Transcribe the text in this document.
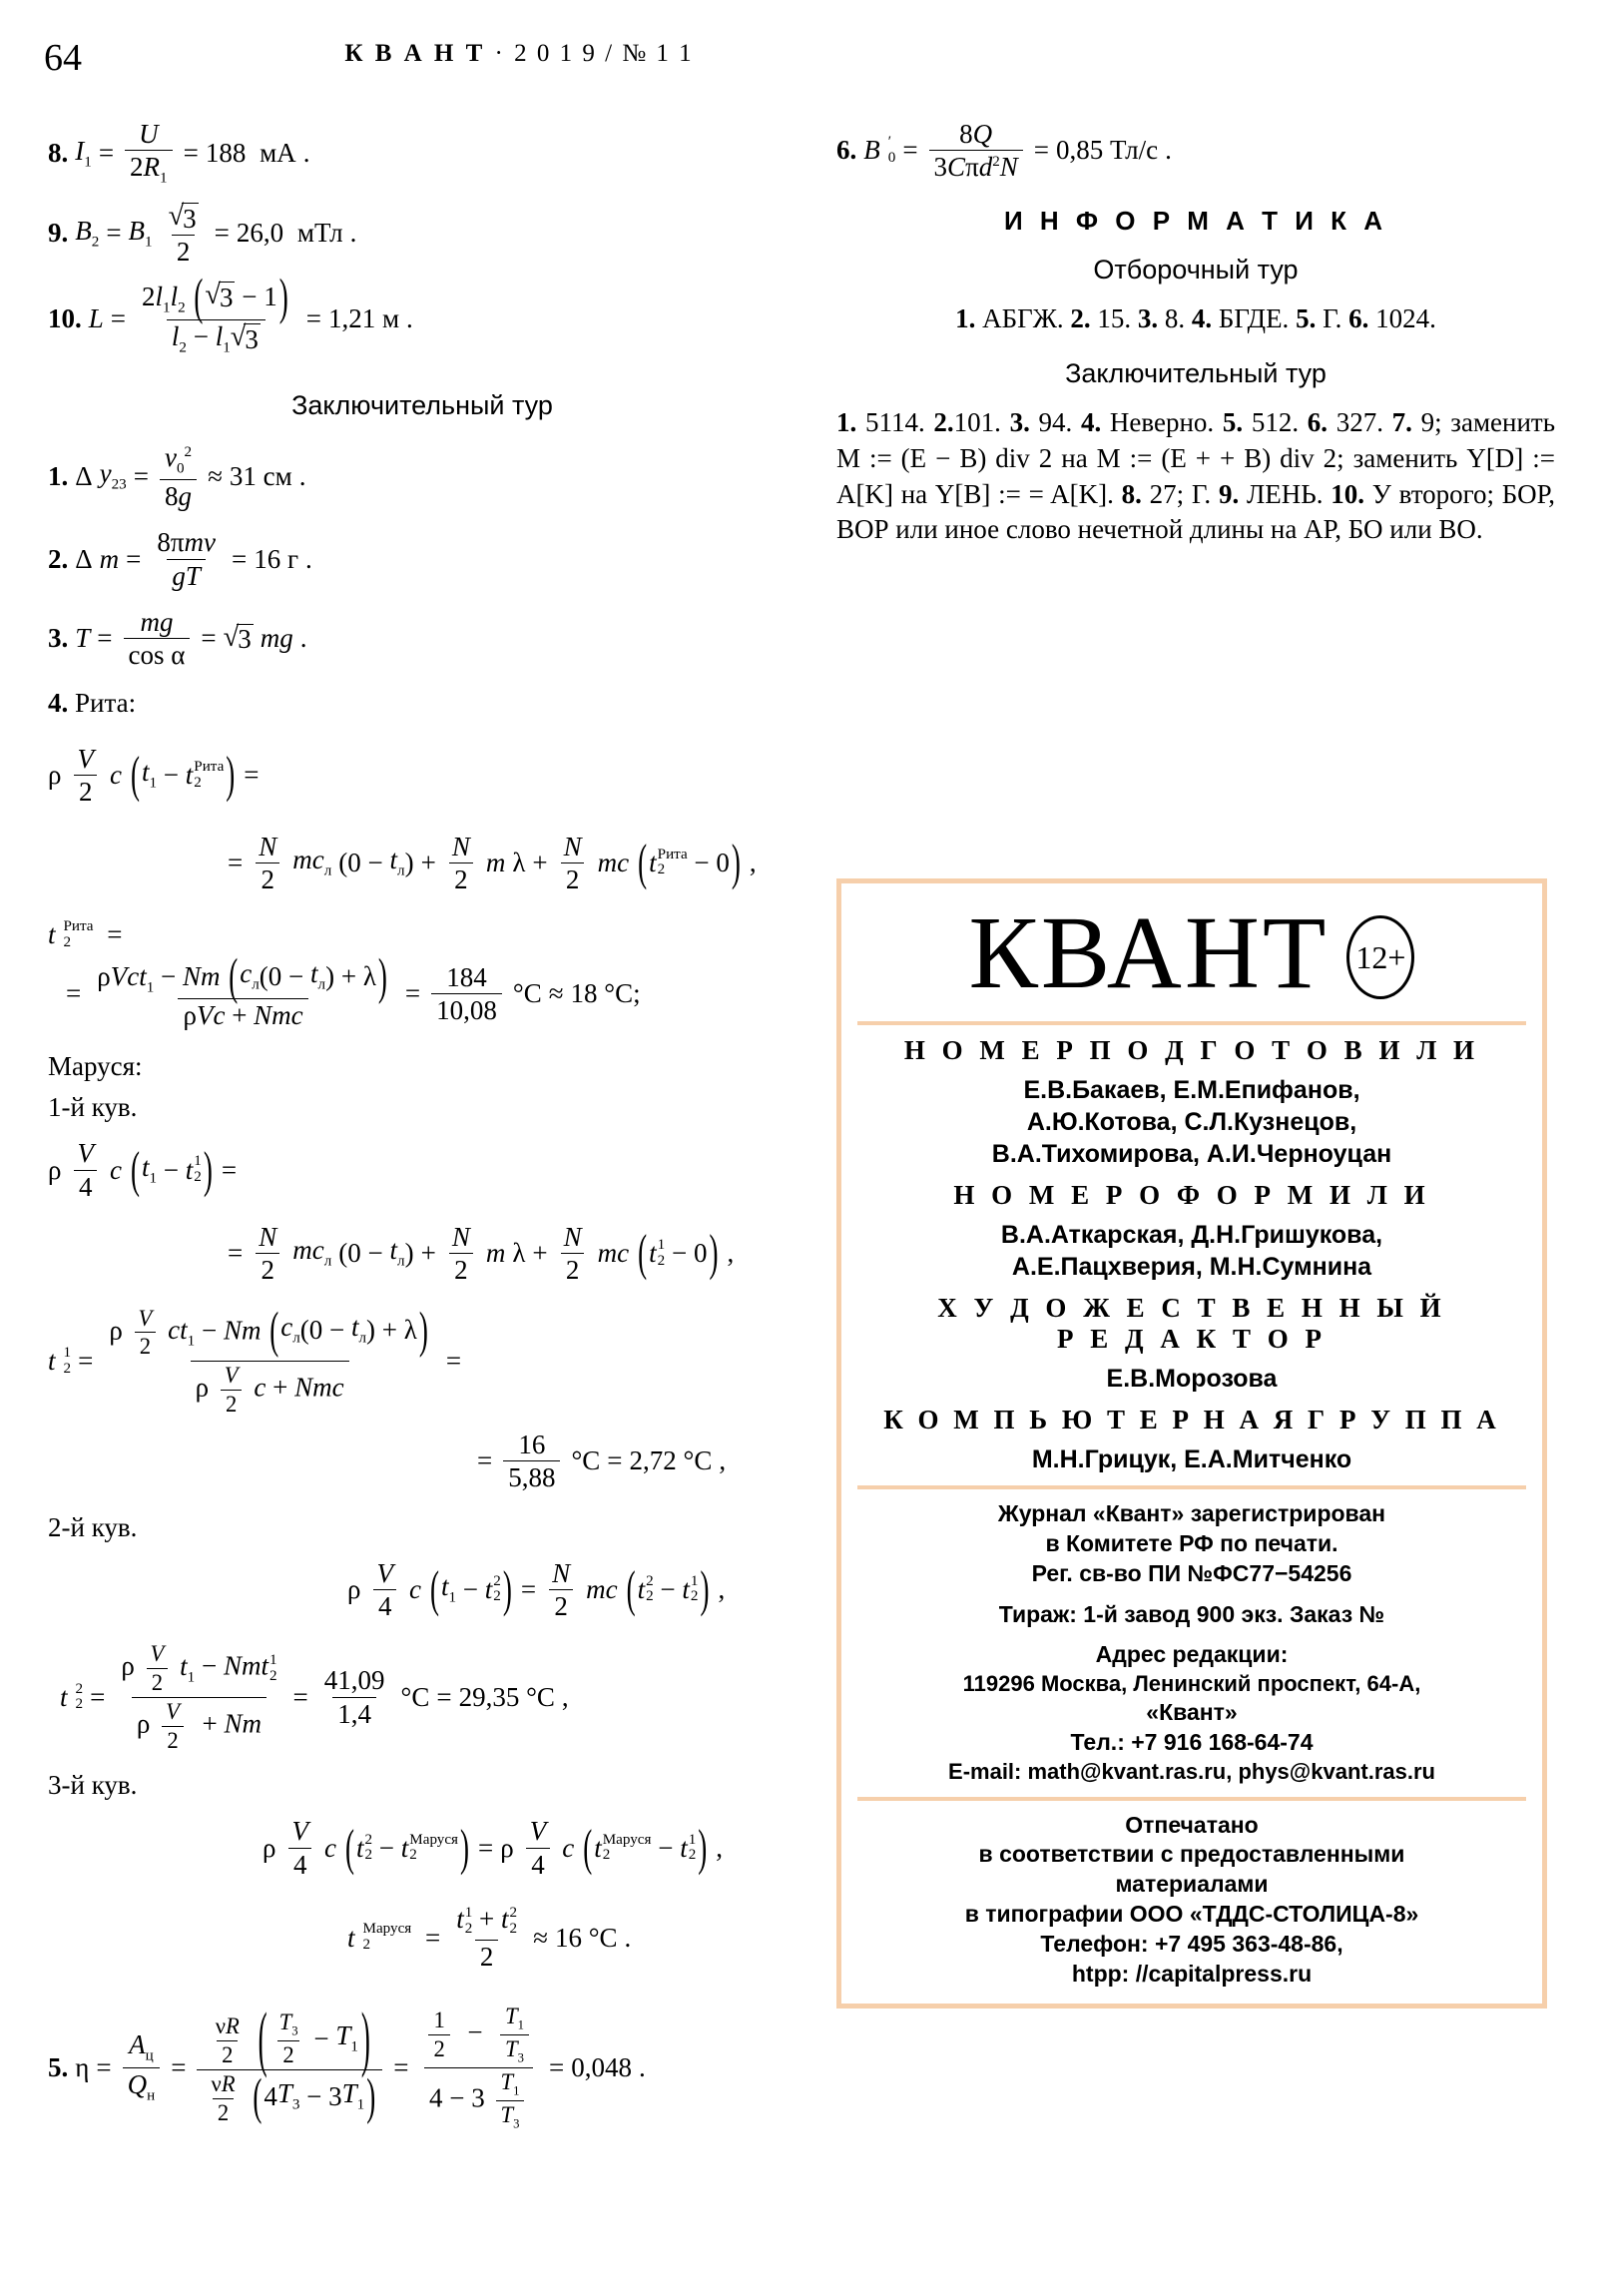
64	К В А Н Т · 2 0 1 9 / № 1 1
8. $I_1 = \frac{U}{2R_1} = 188$ мА .
9. $B_2 = B_1 \frac{√ 3}{2} = 26,0$ мТл .
10. $L = \frac{2l_1l_2 ( √ 3 - 1 )}{l_2 - l_1 √ 3} = 1,21$ м .
Заключительный тур
1. Δ $y_{23} = \frac{v_0^2}{8g} \approx 31$ см .
2. Δ $m = \frac{\text{8πmv}}{gT} = 16$ г .
3. $T = \frac{mg}{\text{cos α}}$ = √ 3 mg .
4. Рита:
ρ $\frac{V}{2}$ c ( $t_1 - t$ Рита
2 ) =
= $\frac{N}{2} mc_л$ ( $0 - t_л$ ) + $\frac{N}{2}$ m $\lambda + \frac{N}{2}$ mc ( t Рита
2 − 0 ) ,
t Рита
2	=
=
ρVct$_1$ − Nm ( $c_л$ ( $0 - t_л$ ) + λ )
ρVc + Nmc
= $\frac{184}{10,08} ^\circ C \approx 18$ °C;
Маруся:
1-й кув.
ρ $\frac{V}{4}$ c ( $t_1 - t$ 1
2 ) =
= $\frac{N}{2} mc_л$ ( $0 - t_л$ ) + $\frac{N}{2}$ m $\lambda + \frac{N}{2}$ mc ( t 1
2 − 0 ) ,
t 1
2 =
ρ $\frac{V}{2} ct_1 - Nm$ ( $c_л$ ( $0 - t_л$ ) + λ )
ρ $\frac{V}{2}$ c + Nmc
=
= $\frac{16}{5,88} ^\circ C = 2,72$ °C ,
2-й кув.
ρ $\frac{V}{4}$ c ( $t_1 - t$ 2
2 ) = $\frac{N}{2}$ mc ( t 2
2 − t 1
2 ) ,
t 2
2 = ρ $\frac{V}{2} t_1$ − Nmt 1
2
ρ $\frac{V}{2} + Nm = \frac{41,09}{1,4} ^\circ C = 29,35$ °C ,
3-й кув.
ρ $\frac{V}{4}$ c ( t 2
2 − t Маруся
2	) = ρ $\frac{V}{4}$ c ( t Маруся
2	− t 1
2 ) ,
t Маруся
2	= t 1
2 + t 2
2
2 ≈ 16 °C .
5. $\eta = \frac{A_ц}{Q_н} = \frac{\nu R}{2}$
( $\frac{T_3}{2} - T_1$ )
$\frac{\nu R}{2}$
( 4 $T_3 - 3$ $T_1$ ) = $\frac{\frac{1}{2} - \frac{T_1}{T_3}}{4 - 3 \frac{T_1}{T_3}} = 0,048$ .
6. B ′
$0 = \frac{8Q}{3C\pi d^2N} = 0,85$ Тл/с .
И Н Ф О Р М А Т И К А
Отборочный тур
1. АБГЖ. 2. 15. 3. 8. 4. БГДЕ. 5. Г. 6. 1024.
Заключительный тур
1. 5114. 2.101. 3. 94. 4. Неверно. 5. 512. 6. 327. 7. 9; заменить M := (E − B) div 2 на M := (E + + B) div 2; заменить Y[D] := A[K] на Y[B] := = A[K]. 8. 27; Г. 9. ЛЕНЬ. 10. У второго; БОР, ВОР или иное слово нечетной длины на АР, БО или ВО.
КВАНТ 12+
Н О М Е Р П О Д Г О Т О В И Л И
Е.В.Бакаев, Е.М.Епифанов,
А.Ю.Котова, С.Л.Кузнецов,
В.А.Тихомирова, А.И.Черноуцан
Н О М Е Р О Ф О Р М И Л И
В.А.Аткарская, Д.Н.Гришукова,
А.Е.Пацхверия, М.Н.Сумнина
Х У Д О Ж Е С Т В Е Н Н Ы Й
Р Е Д А К Т О Р
Е.В.Морозова
К О М П Ь Ю Т Е Р Н А Я Г Р У П П А
М.Н.Грицук, Е.А.Митченко
Журнал «Квант» зарегистрирован
в Комитете РФ по печати.
Рег. св-во ПИ №ФС77−54256
Тираж: 1-й завод 900 экз. Заказ №
Адрес редакции:
119296 Москва, Ленинский проспект, 64-А,
«Квант»
Тел.: +7 916 168-64-74
E-mail: math@kvant.ras.ru, phys@kvant.ras.ru
Отпечатано
в соответствии с предоставленными
материалами
в типографии ООО «ТДДС-СТОЛИЦА-8»
Телефон: +7 495 363-48-86,
htpp: //capitalpress.ru
